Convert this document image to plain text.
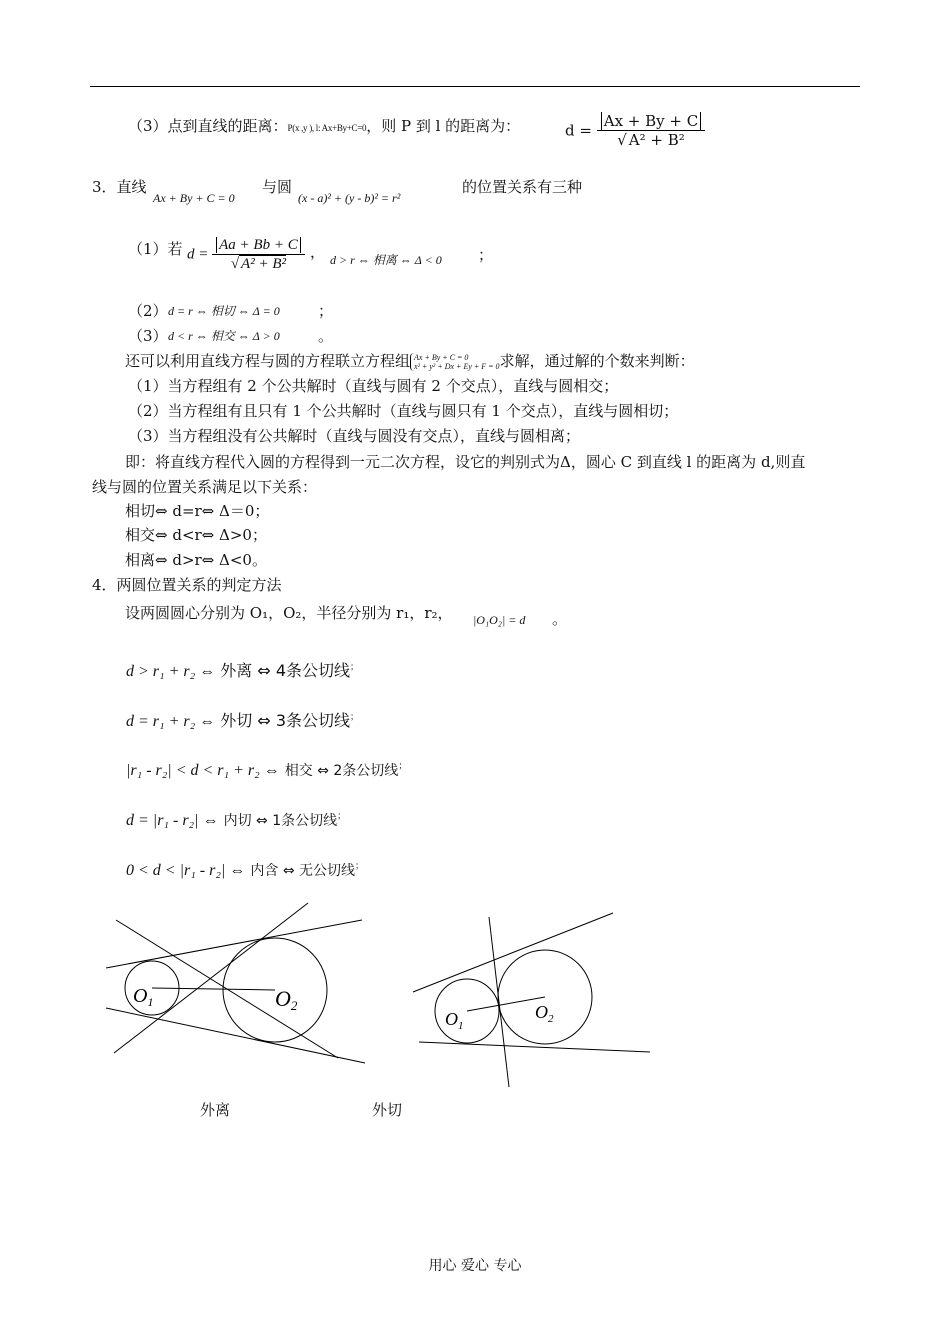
（3）点到直线的距离：P(x ,y ), l: Ax+By+C=0，则 P 到 l 的距离为：	$d = \frac{Ax + By + C}{\text{√ A² + B²}}$
3．直线
Ax + By + C = 0
与圆
(x - a)² + (y - b)² = r²
的位置关系有三种
（1）若 $d = \frac{Aa + Bb + C}{\text{√ A² + B²}}$ ， d > r ⇔ 相离 ⇔ Δ < 0 ；
（2） d = r ⇔ 相切 ⇔ Δ = 0	；
（3） d < r ⇔ 相交 ⇔ Δ > 0	。
还可以利用直线方程与圆的方程联立方程组 Ax + By + C = 0
x² + y² + Dx + Ey + F = 0 求解，通过解的个数来判断：
（1）当方程组有 2 个公共解时（直线与圆有 2 个交点），直线与圆相交；
（2）当方程组有且只有 1 个公共解时（直线与圆只有 1 个交点），直线与圆相切；
（3）当方程组没有公共解时（直线与圆没有交点），直线与圆相离；
即：将直线方程代入圆的方程得到一元二次方程，设它的判别式为Δ，圆心 C 到直线 l 的距离为 d,则直
线与圆的位置关系满足以下关系：
相切⇔ d=r⇔ Δ＝0；
相交⇔ d<r⇔ Δ>0；
相离⇔ d>r⇔ Δ<0。
4．两圆位置关系的判定方法
设两圆圆心分别为 O₁，O₂，半径分别为 r₁，r₂， |O₁O₂| = d 。
d > r₁ + r₂ ⇔ 外离 ⇔ 4条公切线；
d = r₁ + r₂ ⇔ 外切 ⇔ 3条公切线；
|r₁ - r₂| < d < r₁ + r₂ ⇔ 相交 ⇔ 2条公切线；
d = |r₁ - r₂| ⇔ 内切 ⇔ 1条公切线；
0 < d < |r₁ - r₂| ⇔ 内含 ⇔ 无公切线；
$O_1$	O2
$O_1$
$O_2$
外离	外切
用心 爱心 专心
